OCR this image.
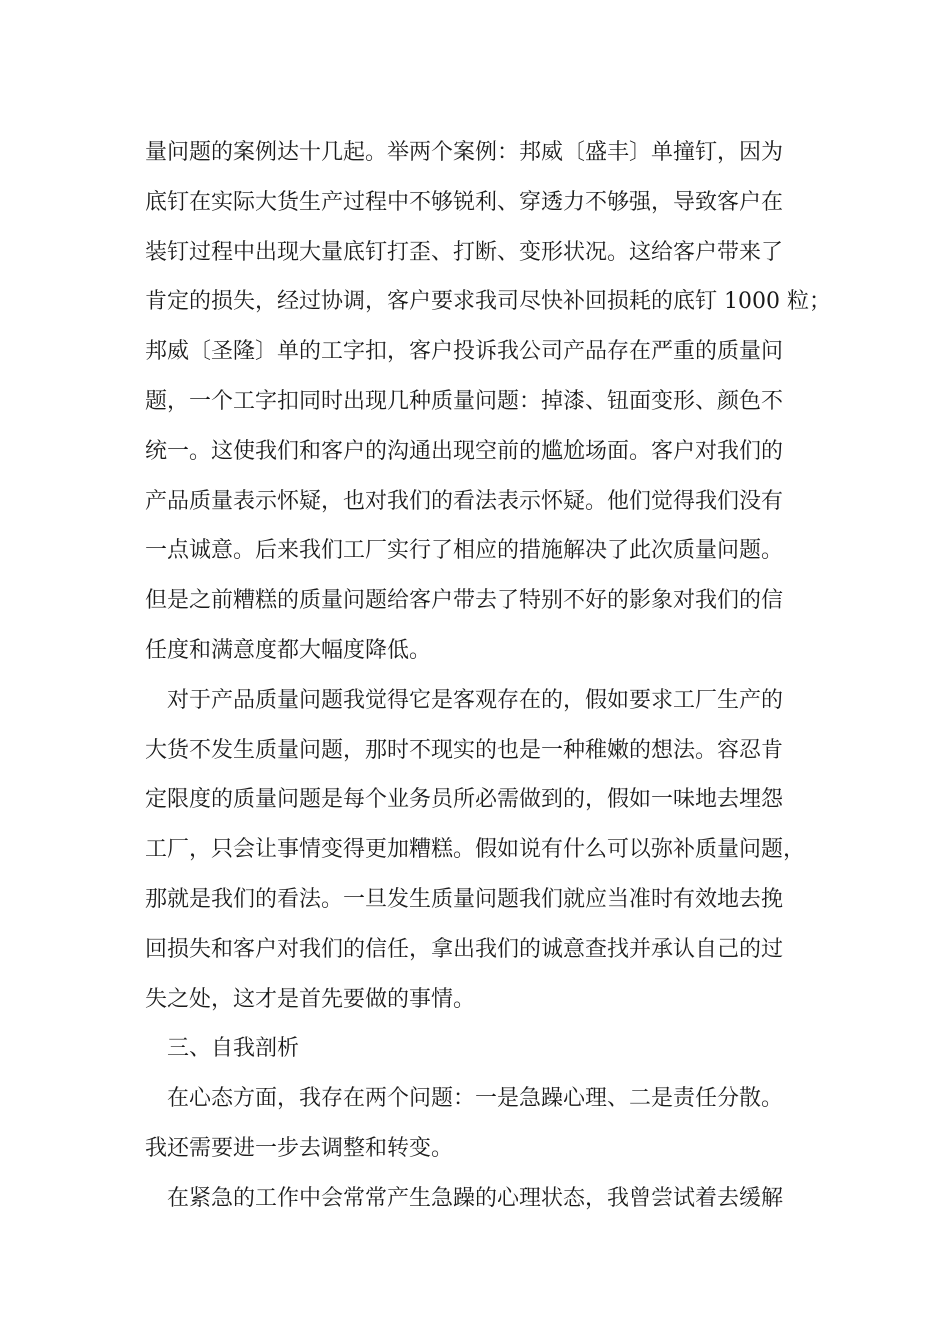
量问题的案例达十几起。举两个案例：邦威〔盛丰〕单撞钉，因为
底钉在实际大货生产过程中不够锐利、穿透力不够强，导致客户在
装钉过程中出现大量底钉打歪、打断、变形状况。这给客户带来了
肯定的损失，经过协调，客户要求我司尽快补回损耗的底钉 1000 粒；
邦威〔圣隆〕单的工字扣，客户投诉我公司产品存在严重的质量问
题，一个工字扣同时出现几种质量问题：掉漆、钮面变形、颜色不
统一。这使我们和客户的沟通出现空前的尴尬场面。客户对我们的
产品质量表示怀疑，也对我们的看法表示怀疑。他们觉得我们没有
一点诚意。后来我们工厂实行了相应的措施解决了此次质量问题。
但是之前糟糕的质量问题给客户带去了特别不好的影象对我们的信
任度和满意度都大幅度降低。
对于产品质量问题我觉得它是客观存在的，假如要求工厂生产的
大货不发生质量问题，那时不现实的也是一种稚嫩的想法。容忍肯
定限度的质量问题是每个业务员所必需做到的，假如一味地去埋怨
工厂，只会让事情变得更加糟糕。假如说有什么可以弥补质量问题，
那就是我们的看法。一旦发生质量问题我们就应当准时有效地去挽
回损失和客户对我们的信任，拿出我们的诚意查找并承认自己的过
失之处，这才是首先要做的事情。
三、自我剖析
在心态方面，我存在两个问题：一是急躁心理、二是责任分散。
我还需要进一步去调整和转变。
在紧急的工作中会常常产生急躁的心理状态，我曾尝试着去缓解
